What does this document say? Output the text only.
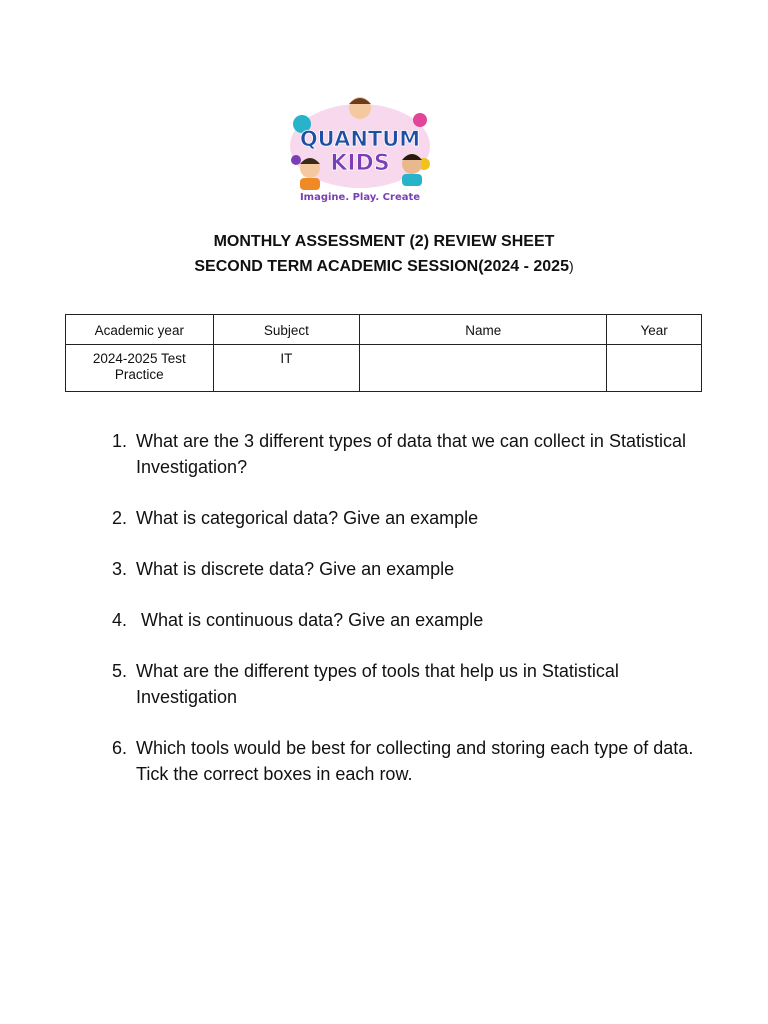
QUANTUM
KIDS
Imagine. Play. Create
MONTHLY ASSESSMENT (2) REVIEW SHEET
SECOND TERM ACADEMIC SESSION(2024 - 2025)
Academic year	Subject	Name	Year
2024-2025 Test Practice	IT		
1. What are the 3 different types of data that we can collect in Statistical Investigation?
2. What is categorical data? Give an example
3. What is discrete data? Give an example
4. What is continuous data? Give an example
5. What are the different types of tools that help us in Statistical Investigation
6. Which tools would be best for collecting and storing each type of data. Tick the correct boxes in each row.
